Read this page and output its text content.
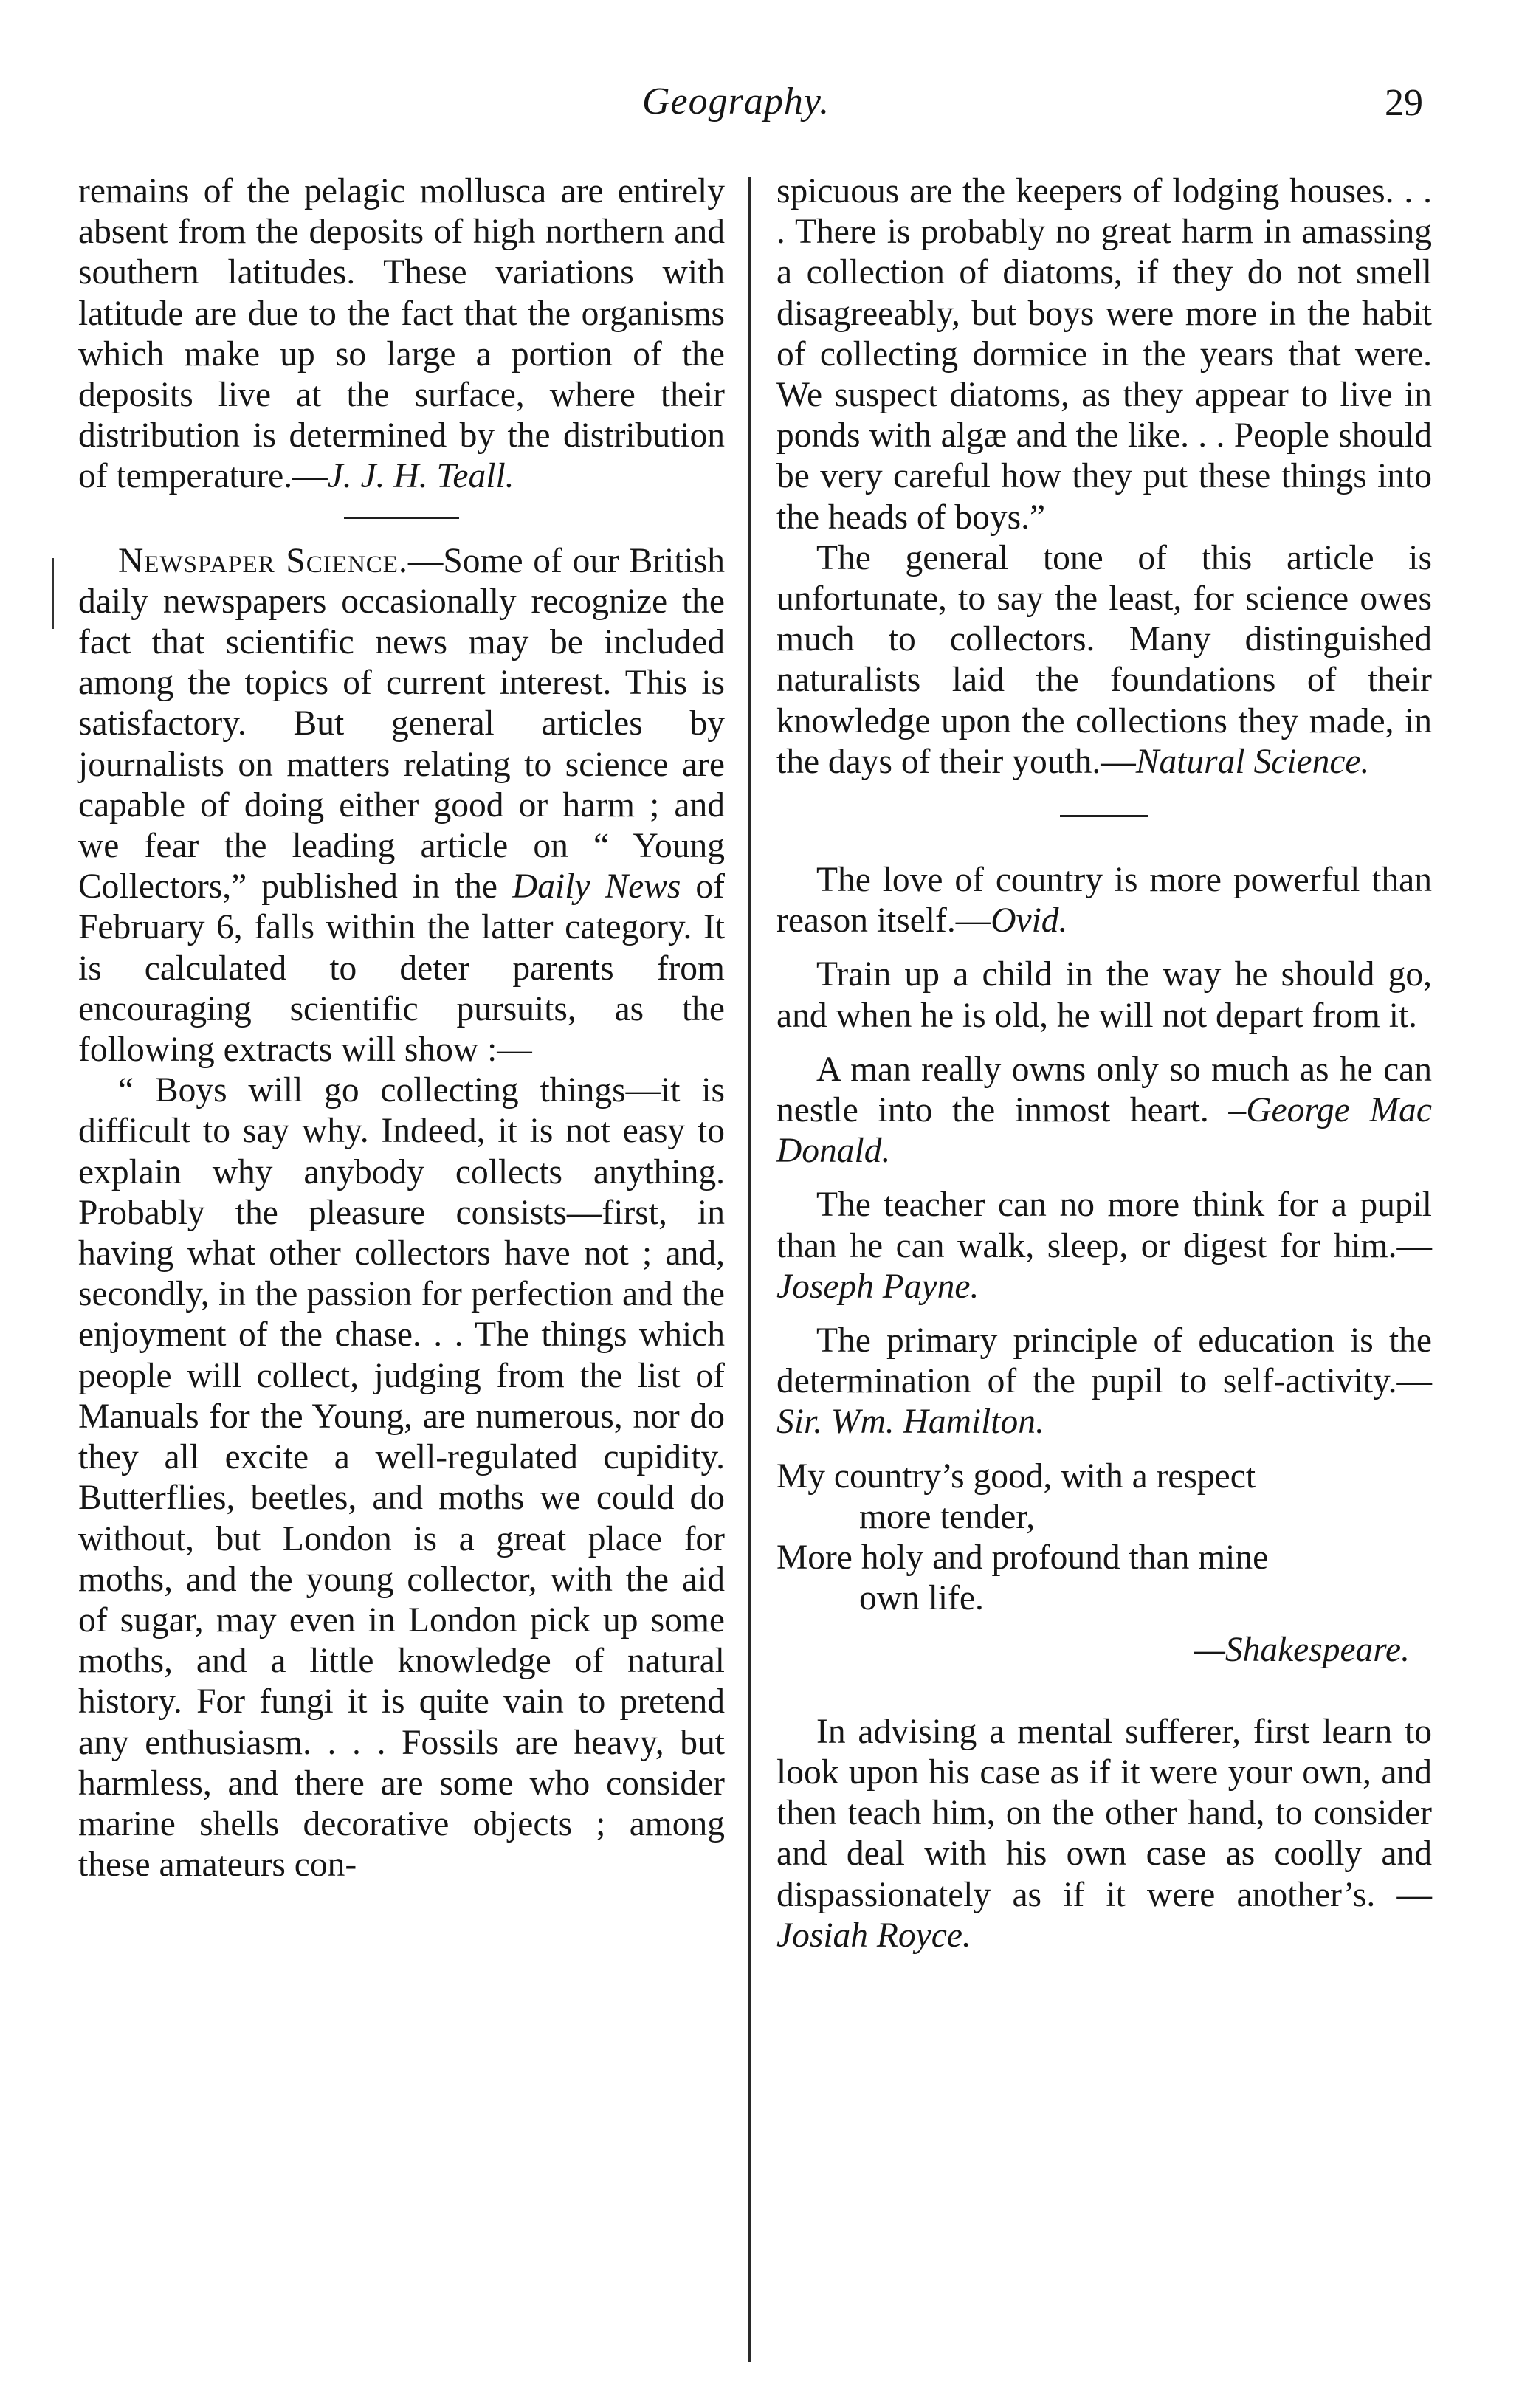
Geography.	29

remains of the pelagic mollusca are entirely absent from the deposits of high northern and southern latitudes. These variations with latitude are due to the fact that the organisms which make up so large a portion of the deposits live at the surface, where their distribution is determined by the distribution of temperature.—J. J. H. Teall.

Newspaper Science.—Some of our British daily newspapers occasionally recognize the fact that scientific news may be included among the topics of current interest. This is satisfactory. But general articles by journalists on matters relating to science are capable of doing either good or harm ; and we fear the leading article on “ Young Collectors,” published in the Daily News of February 6, falls within the latter category. It is calculated to deter parents from encouraging scientific pursuits, as the following extracts will show :—

“ Boys will go collecting things—it is difficult to say why. Indeed, it is not easy to explain why anybody collects anything. Probably the pleasure consists—first, in having what other collectors have not ; and, secondly, in the passion for perfection and the enjoyment of the chase. . . The things which people will collect, judging from the list of Manuals for the Young, are numerous, nor do they all excite a well-regulated cupidity. Butterflies, beetles, and moths we could do without, but London is a great place for moths, and the young collector, with the aid of sugar, may even in London pick up some moths, and a little knowledge of natural history. For fungi it is quite vain to pretend any enthusiasm. . . . Fossils are heavy, but harmless, and there are some who consider marine shells decorative objects ; among these amateurs con-

spicuous are the keepers of lodging houses. . . . There is probably no great harm in amassing a collection of diatoms, if they do not smell disagreeably, but boys were more in the habit of collecting dormice in the years that were. We suspect diatoms, as they appear to live in ponds with algæ and the like. . . People should be very careful how they put these things into the heads of boys.”

The general tone of this article is unfortunate, to say the least, for science owes much to collectors. Many distinguished naturalists laid the foundations of their knowledge upon the collections they made, in the days of their youth.—Natural Science.

The love of country is more powerful than reason itself.—Ovid.

Train up a child in the way he should go, and when he is old, he will not depart from it.

A man really owns only so much as he can nestle into the inmost heart. –George Mac Donald.

The teacher can no more think for a pupil than he can walk, sleep, or digest for him.—Joseph Payne.

The primary principle of education is the determination of the pupil to self-activity.—Sir. Wm. Hamilton.

My country’s good, with a respect

more tender,

More holy and profound than mine

own life.

—Shakespeare.

In advising a mental sufferer, first learn to look upon his case as if it were your own, and then teach him, on the other hand, to consider and deal with his own case as coolly and dispassionately as if it were another’s. —Josiah Royce.
